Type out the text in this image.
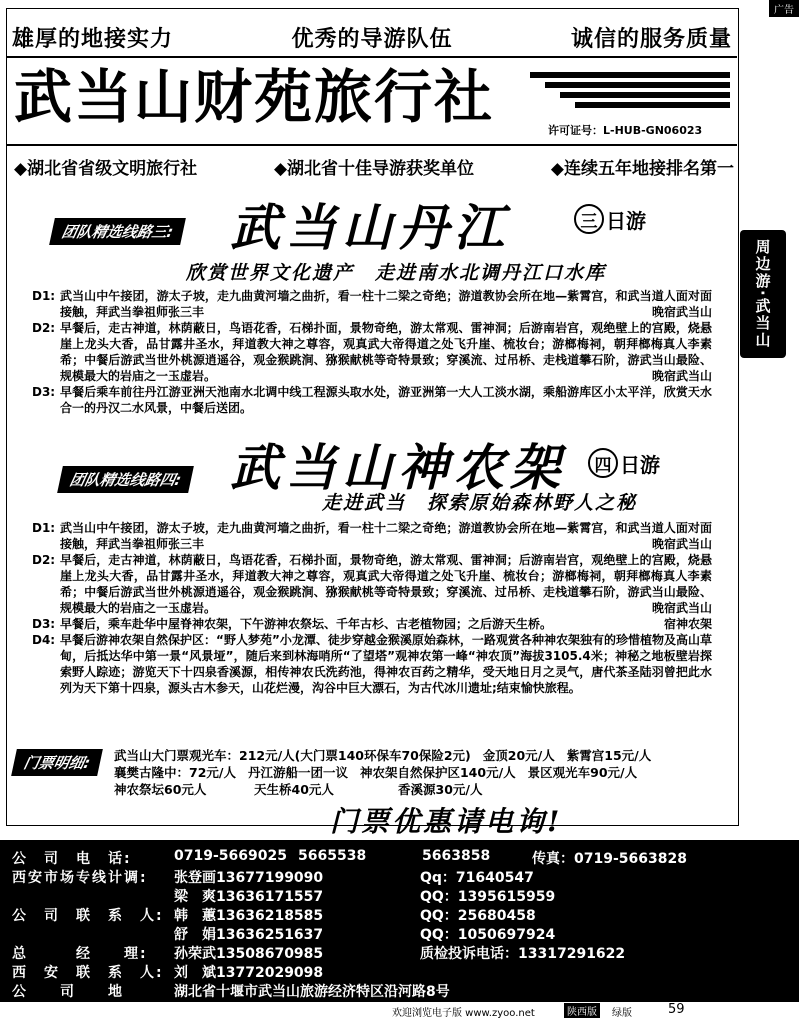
广告
雄厚的地接实力	优秀的导游队伍	诚信的服务质量
武当山财苑旅行社	许可证号：L-HUB-GN06023
◆湖北省省级文明旅行社	◆湖北省十佳导游获奖单位	◆连续五年地接排名第一
周边游·武当山
团队精选线路三: 武当山丹江	三 日游
欣赏世界文化遗产　走进南水北调丹江口水库
D1: 武当山中午接团，游太子坡，走九曲黄河墙之曲折，看一柱十二梁之奇绝；游道教协会所在地—紫霄宫，和武当道人面对面接触，拜武当拳祖师张三丰	晚宿武当山
D2: 早餐后，走古神道，林荫蔽日，鸟语花香，石梯扑面，景物奇绝，游太常观、雷神洞；后游南岩宫，观绝壁上的宫殿，烧悬崖上龙头大香，品甘露井圣水，拜道教大神之尊容，观真武大帝得道之处飞升崖、梳妆台；游榔梅祠，朝拜榔梅真人李素希；中餐后游武当世外桃源逍遥谷，观金猴跳涧、猕猴献桃等奇特景致；穿溪流、过吊桥、走栈道攀石阶，游武当山最险、规模最大的岩庙之一玉虚岩。	晚宿武当山
D3: 早餐后乘车前往丹江游亚洲天池南水北调中线工程源头取水处，游亚洲第一大人工淡水湖，乘船游库区小太平洋，欣赏天水合一的丹汉二水风景，中餐后送团。
团队精选线路四: 武当山神农架	四 日游
走进武当　探索原始森林野人之秘
D1: 武当山中午接团，游太子坡，走九曲黄河墙之曲折，看一柱十二梁之奇绝；游道教协会所在地—紫霄宫，和武当道人面对面接触，拜武当拳祖师张三丰	晚宿武当山
D2: 早餐后，走古神道，林荫蔽日，鸟语花香，石梯扑面，景物奇绝，游太常观、雷神洞；后游南岩宫，观绝壁上的宫殿，烧悬崖上龙头大香，品甘露井圣水，拜道教大神之尊容，观真武大帝得道之处飞升崖、梳妆台；游榔梅祠，朝拜榔梅真人李素希；中餐后游武当世外桃源逍遥谷，观金猴跳涧、猕猴献桃等奇特景致；穿溪流、过吊桥、走栈道攀石阶，游武当山最险、规模最大的岩庙之一玉虚岩。	晚宿武当山
D3: 早餐后，乘车赴华中屋脊神农架，下午游神农祭坛、千年古杉、古老植物园；之后游天生桥。	宿神农架
D4: 早餐后游神农架自然保护区：“野人梦苑”小龙潭、徒步穿越金猴溪原始森林，一路观赏各种神农架独有的珍惜植物及高山草甸，后抵达华中第一景“风景垭”，随后来到林海哨所“了望塔”观神农第一峰“神农顶”海拔3105.4米；神秘之地板壁岩探索野人踪迹；游览天下十四泉香溪源，相传神农氏洗药池，得神农百药之精华，受天地日月之灵气，唐代茶圣陆羽曾把此水列为天下第十四泉，源头古木参天，山花烂漫，沟谷中巨大漂石，为古代冰川遗址;结束愉快旅程。
门票明细:	武当山大门票观光车：212元/人(大门票140环保车70保险2元) 金顶20元/人 紫霄宫15元/人
襄樊古隆中：72元/人 丹江游船一团一议 神农架自然保护区140元/人 景区观光车90元/人
神农祭坛60元人	天生桥40元人	香溪源30元/人
门票优惠请电询!
公　司　电　话:	0719-5669025 5665538	5663858	传真：0719-5663828
西安市场专线计调:	张登画13677199090	Qq：71640547
梁　爽13636171557	QQ：1395615959
公　司　联　系　人: 韩　蕙13636218585	QQ：25680458
舒　娟13636251637	QQ：1050697924
总　　　经　　理:	孙荣武13508670985	质检投诉电话：13317291622
西　安　联　系　人: 刘　斌13772029098
公　　司　　地　　址:
湖北省十堰市武当山旅游经济特区沿河路8号
欢迎浏览电子版 www.zyoo.net	陕西版	绿版	59
